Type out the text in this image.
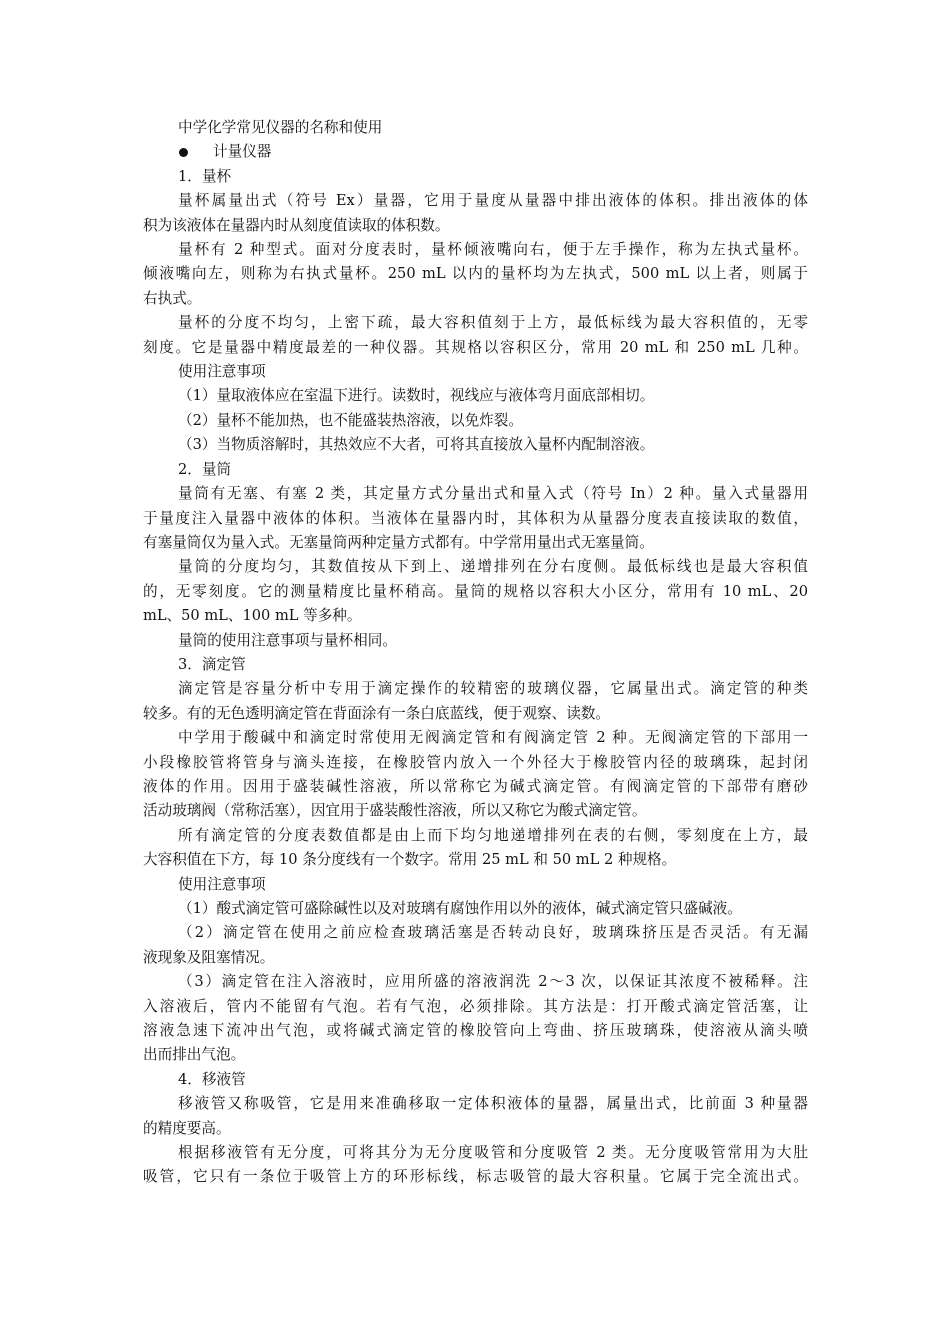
中学化学常见仪器的名称和使用

计量仪器

1．量杯

量杯属量出式（符号 Ex）量器，它用于量度从量器中排出液体的体积。排出液体的体

积为该液体在量器内时从刻度值读取的体积数。

量杯有 2 种型式。面对分度表时，量杯倾液嘴向右，便于左手操作，称为左执式量杯。

倾液嘴向左，则称为右执式量杯。250 mL 以内的量杯均为左执式，500 mL 以上者，则属于

右执式。

量杯的分度不均匀，上密下疏，最大容积值刻于上方，最低标线为最大容积值的，无零

刻度。它是量器中精度最差的一种仪器。其规格以容积区分，常用 20 mL 和 250 mL 几种。

使用注意事项

（1）量取液体应在室温下进行。读数时，视线应与液体弯月面底部相切。

（2）量杯不能加热，也不能盛装热溶液，以免炸裂。

（3）当物质溶解时，其热效应不大者，可将其直接放入量杯内配制溶液。

2．量筒

量筒有无塞、有塞 2 类，其定量方式分量出式和量入式（符号 In）2 种。量入式量器用

于量度注入量器中液体的体积。当液体在量器内时，其体积为从量器分度表直接读取的数值，

有塞量筒仅为量入式。无塞量筒两种定量方式都有。中学常用量出式无塞量筒。

量筒的分度均匀，其数值按从下到上、递增排列在分右度侧。最低标线也是最大容积值

的，无零刻度。它的测量精度比量杯稍高。量筒的规格以容积大小区分，常用有 10 mL、20

mL、50 mL、100 mL 等多种。

量筒的使用注意事项与量杯相同。

3．滴定管

滴定管是容量分析中专用于滴定操作的较精密的玻璃仪器，它属量出式。滴定管的种类

较多。有的无色透明滴定管在背面涂有一条白底蓝线，便于观察、读数。

中学用于酸碱中和滴定时常使用无阀滴定管和有阀滴定管 2 种。无阀滴定管的下部用一

小段橡胶管将管身与滴头连接，在橡胶管内放入一个外径大于橡胶管内径的玻璃珠，起封闭

液体的作用。因用于盛装碱性溶液，所以常称它为碱式滴定管。有阀滴定管的下部带有磨砂

活动玻璃阀（常称活塞），因宜用于盛装酸性溶液，所以又称它为酸式滴定管。

所有滴定管的分度表数值都是由上而下均匀地递增排列在表的右侧，零刻度在上方，最

大容积值在下方，每 10 条分度线有一个数字。常用 25 mL 和 50 mL 2 种规格。

使用注意事项

（1）酸式滴定管可盛除碱性以及对玻璃有腐蚀作用以外的液体，碱式滴定管只盛碱液。

（2）滴定管在使用之前应检查玻璃活塞是否转动良好，玻璃珠挤压是否灵活。有无漏

液现象及阻塞情况。

（3）滴定管在注入溶液时，应用所盛的溶液润洗 2～3 次，以保证其浓度不被稀释。注

入溶液后，管内不能留有气泡。若有气泡，必须排除。其方法是：打开酸式滴定管活塞，让

溶液急速下流冲出气泡，或将碱式滴定管的橡胶管向上弯曲、挤压玻璃珠，使溶液从滴头喷

出而排出气泡。

4．移液管

移液管又称吸管，它是用来准确移取一定体积液体的量器，属量出式，比前面 3 种量器

的精度要高。

根据移液管有无分度，可将其分为无分度吸管和分度吸管 2 类。无分度吸管常用为大肚

吸管，它只有一条位于吸管上方的环形标线，标志吸管的最大容积量。它属于完全流出式。
